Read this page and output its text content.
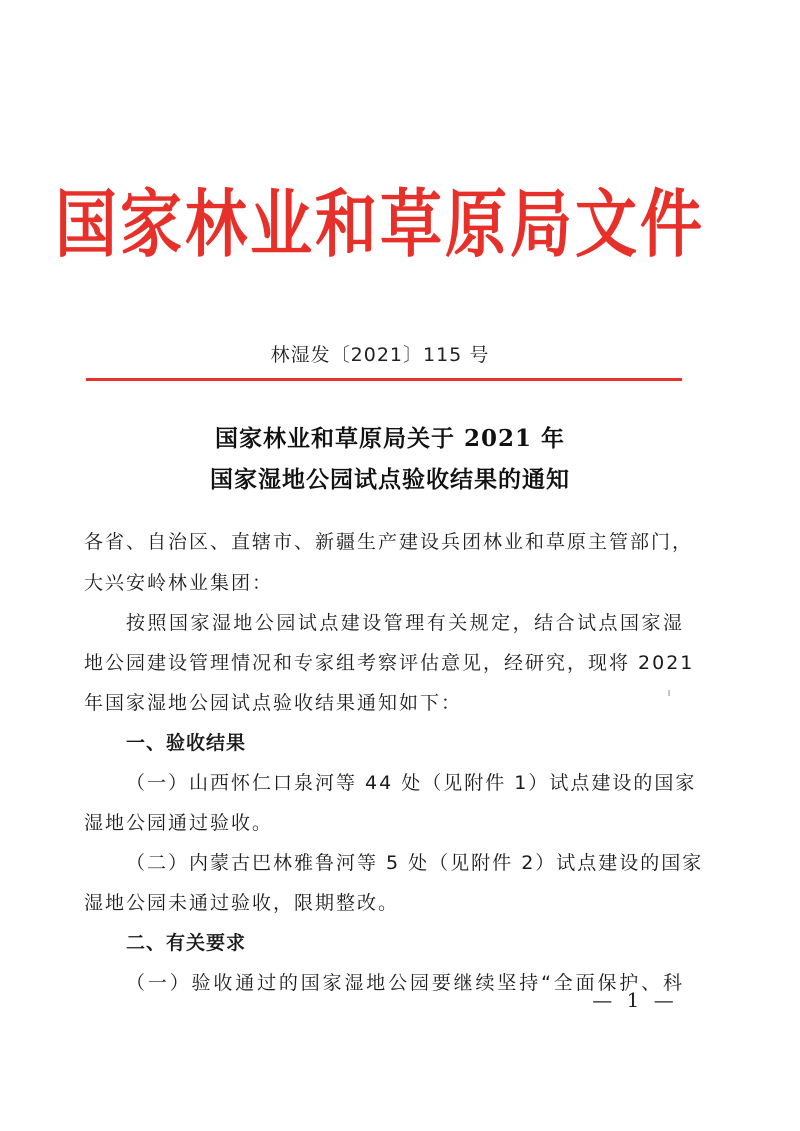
国家林业和草原局文件
林湿发〔2021〕115 号
国家林业和草原局关于 2021 年
国家湿地公园试点验收结果的通知
各省、自治区、直辖市、新疆生产建设兵团林业和草原主管部门，
大兴安岭林业集团：
按照国家湿地公园试点建设管理有关规定，结合试点国家湿
地公园建设管理情况和专家组考察评估意见，经研究，现将 2021
年国家湿地公园试点验收结果通知如下：
一、验收结果
（一）山西怀仁口泉河等 44 处（见附件 1）试点建设的国家
湿地公园通过验收。
（二）内蒙古巴林雅鲁河等 5 处（见附件 2）试点建设的国家
湿地公园未通过验收，限期整改。
二、有关要求
（一）验收通过的国家湿地公园要继续坚持“全面保护、科
— 1 —
